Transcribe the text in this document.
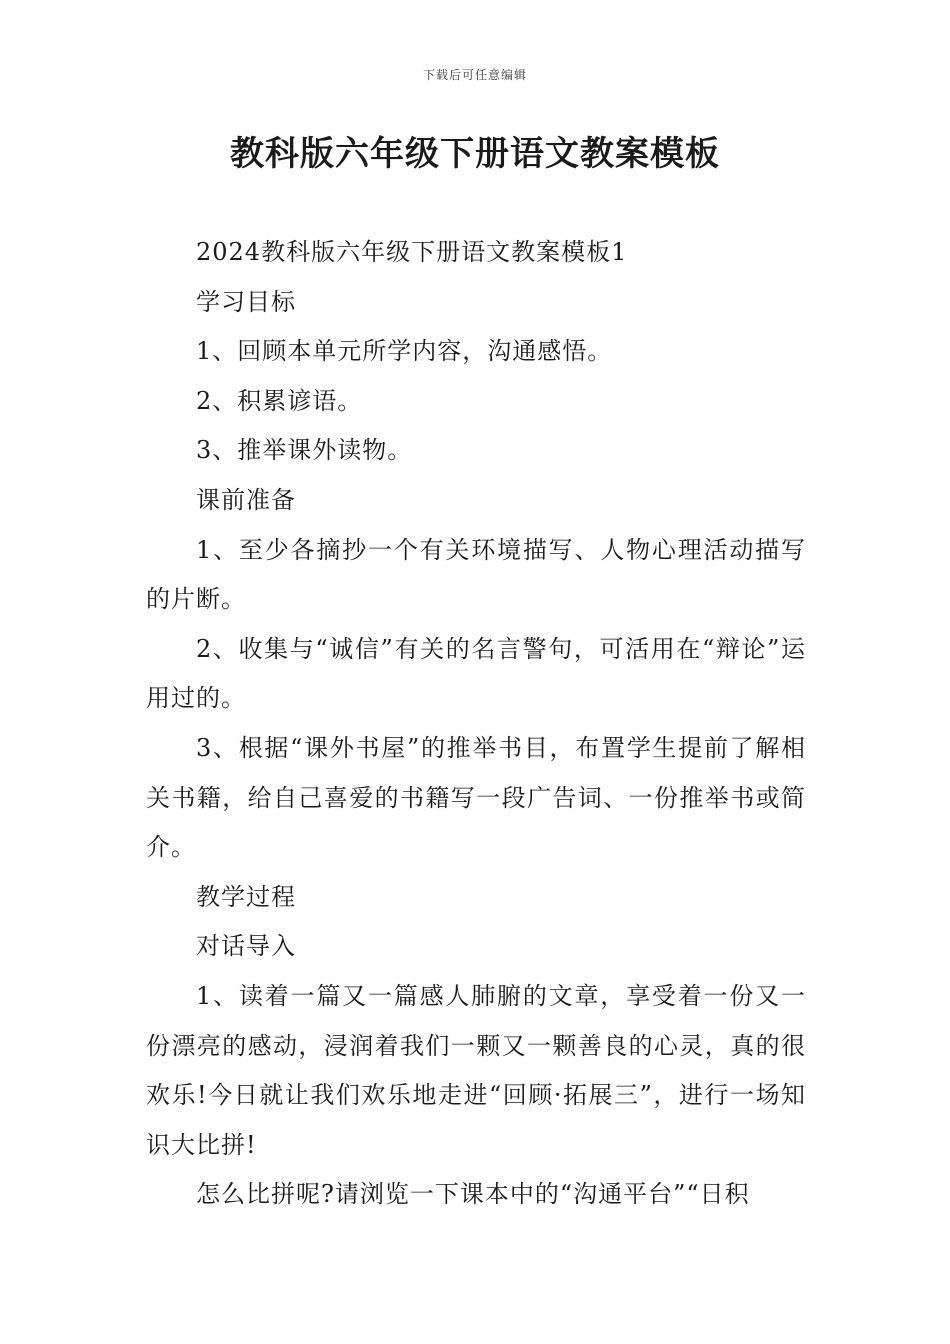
下载后可任意编辑
教科版六年级下册语文教案模板

2024教科版六年级下册语文教案模板1

学习目标

1、回顾本单元所学内容，沟通感悟。

2、积累谚语。

3、推举课外读物。

课前准备

1、至少各摘抄一个有关环境描写、人物心理活动描写的片断。

2、收集与“诚信”有关的名言警句，可活用在“辩论”运用过的。

3、根据“课外书屋”的推举书目，布置学生提前了解相关书籍，给自己喜爱的书籍写一段广告词、一份推举书或简介。

教学过程

对话导入

1、读着一篇又一篇感人肺腑的文章，享受着一份又一份漂亮的感动，浸润着我们一颗又一颗善良的心灵，真的很欢乐!今日就让我们欢乐地走进“回顾·拓展三”，进行一场知识大比拼!

怎么比拼呢?请浏览一下课本中的“沟通平台”“日积
